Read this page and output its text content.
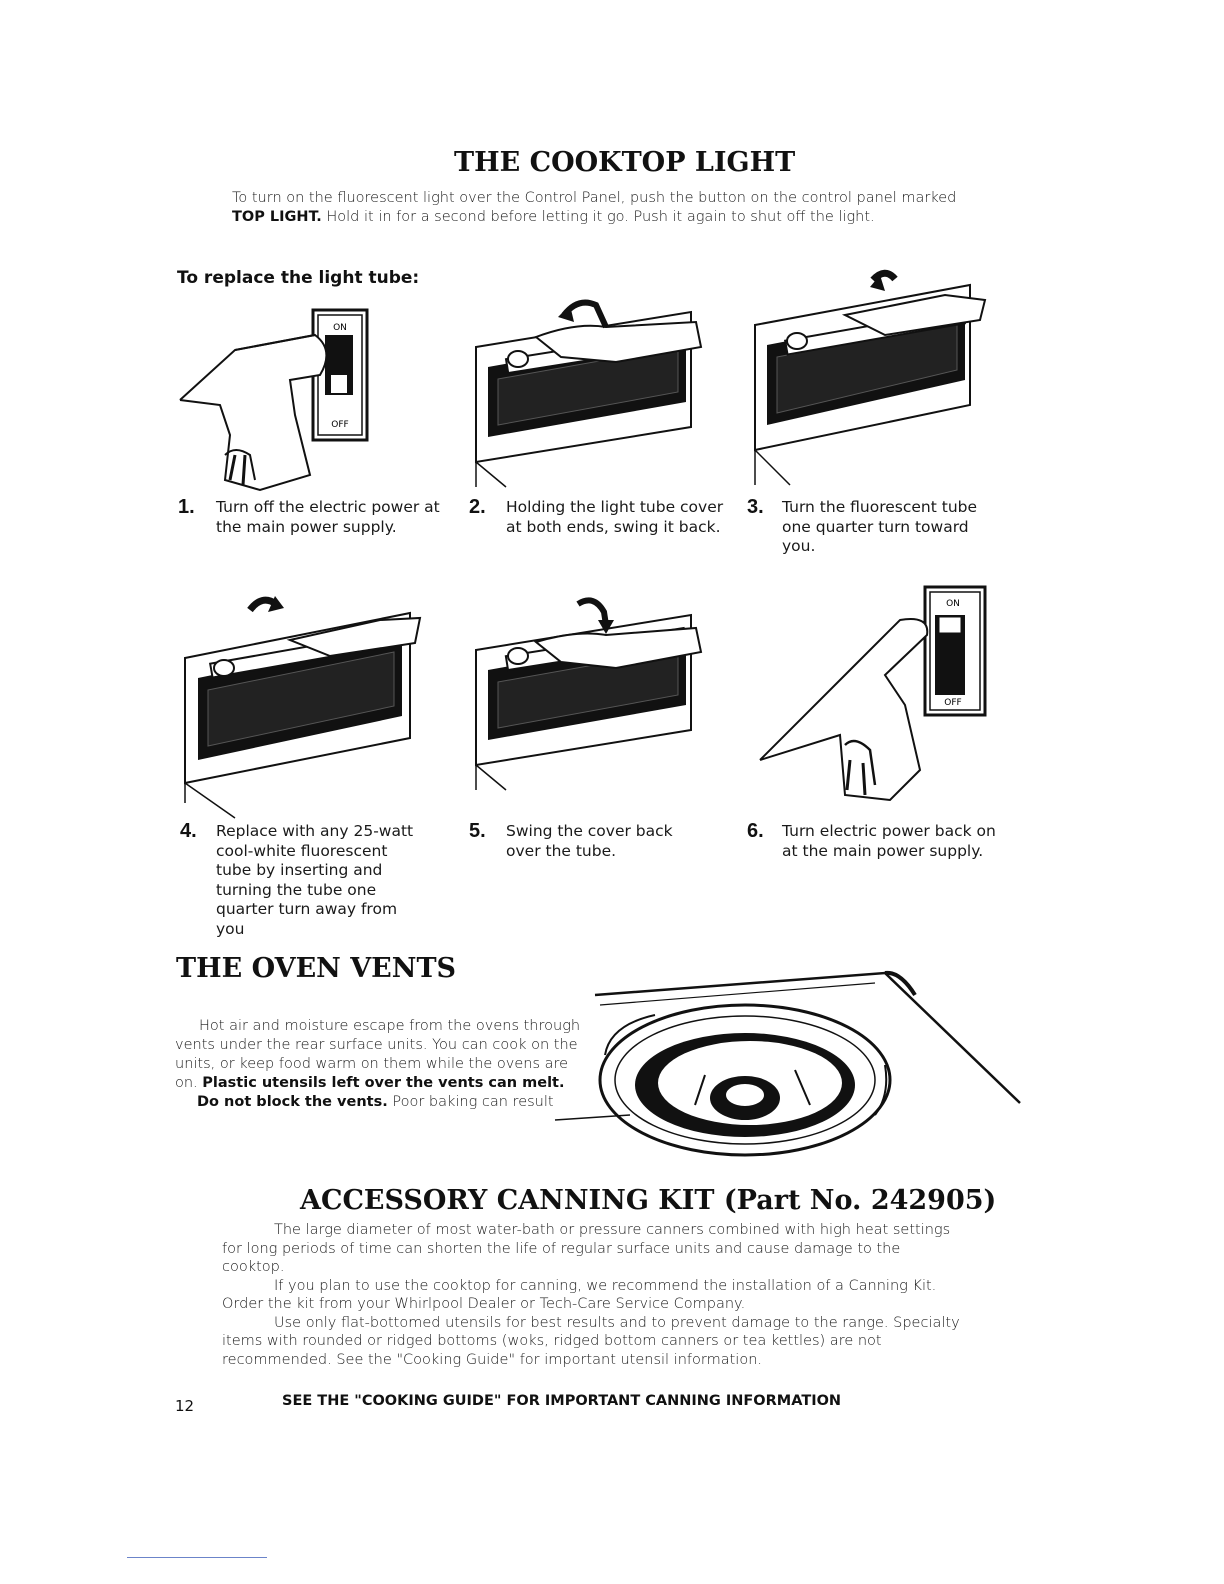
THE COOKTOP LIGHT
To turn on the fluorescent light over the Control Panel, push the button on the control panel marked TOP LIGHT. Hold it in for a second before letting it go. Push it again to shut off the light.
To replace the light tube:
ON
OFF
1.	Turn off the electric power at the main power supply.
2.	Holding the light tube cover at both ends, swing it back.
3.	Turn the fluorescent tube one quarter turn toward you.
ON
OFF
4.	Replace with any 25-watt cool-white fluorescent tube by inserting and turning the tube one quarter turn away from you
5.	Swing the cover back over the tube.
6.	Turn electric power back on at the main power supply.
THE OVEN VENTS
Hot air and moisture escape from the ovens through vents under the rear surface units. You can cook on the units, or keep food warm on them while the ovens are on. Plastic utensils left over the vents can melt.
Do not block the vents. Poor baking can result
ACCESSORY CANNING KIT (Part No. 242905)
The large diameter of most water-bath or pressure canners combined with high heat settings for long periods of time can shorten the life of regular surface units and cause damage to the cooktop.
If you plan to use the cooktop for canning, we recommend the installation of a Canning Kit. Order the kit from your Whirlpool Dealer or Tech-Care Service Company.
Use only flat-bottomed utensils for best results and to prevent damage to the range. Specialty items with rounded or ridged bottoms (woks, ridged bottom canners or tea kettles) are not recommended. See the "Cooking Guide" for important utensil information.
12	SEE THE "COOKING GUIDE" FOR IMPORTANT CANNING INFORMATION
